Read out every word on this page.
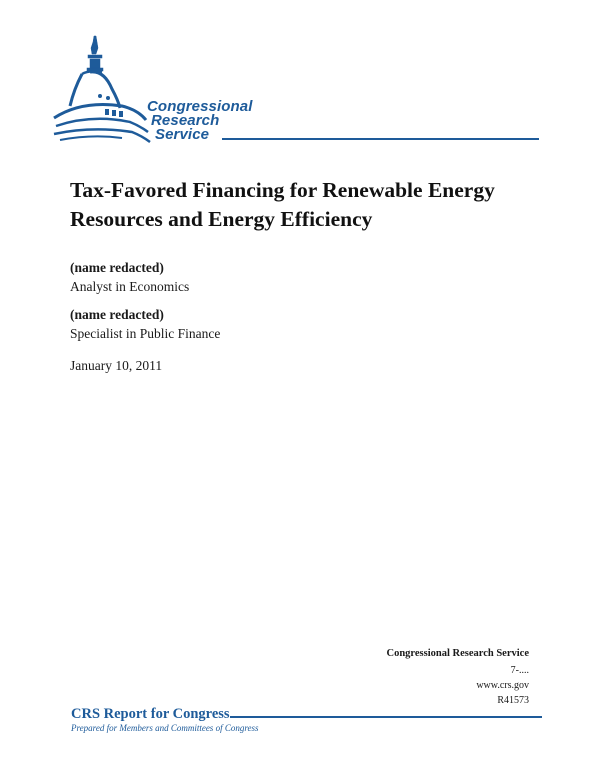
Congressional
Research
Service
Tax-Favored Financing for Renewable Energy Resources and Energy Efficiency
(name redacted)
Analyst in Economics
(name redacted)
Specialist in Public Finance
January 10, 2011
Congressional Research Service
7-....
www.crs.gov
R41573
CRS Report for Congress
Prepared for Members and Committees of Congress
